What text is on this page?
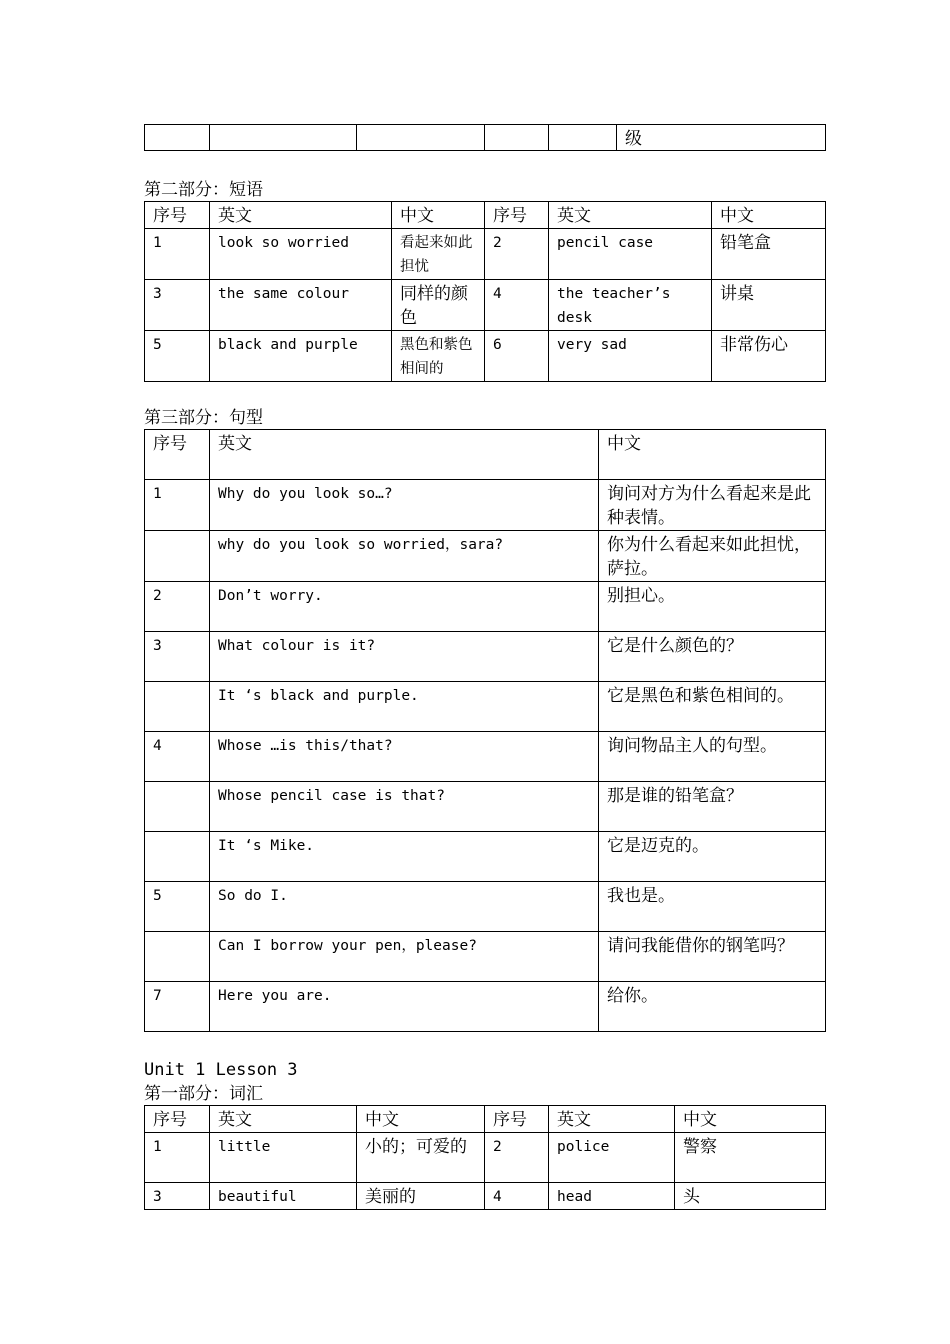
					级
第二部分：短语
序号	英文	中文	序号	英文	中文
1	look so worried	看起来如此担忧	2	pencil case	铅笔盒
3	the same colour	同样的颜色	4	the teacher’s desk	讲桌
5	black and purple	黑色和紫色相间的	6	very sad	非常伤心
第三部分：句型
序号	英文	中文
1	Why do you look so…?	询问对方为什么看起来是此种表情。
	why do you look so worried，sara?	你为什么看起来如此担忧，萨拉。
2	Don’t worry.	别担心。
3	What colour is it?	它是什么颜色的？
	It ‘s black and purple.	它是黑色和紫色相间的。
4	Whose …is this/that?	询问物品主人的句型。
	Whose pencil case is that?	那是谁的铅笔盒？
	It ‘s Mike.	它是迈克的。
5	So do I.	我也是。
	Can I borrow your pen，please?	请问我能借你的钢笔吗？
7	Here you are.	给你。
Unit 1 Lesson 3
第一部分：词汇
序号	英文	中文	序号	英文	中文
1	little	小的；可爱的	2	police	警察
3	beautiful	美丽的	4	head	头
